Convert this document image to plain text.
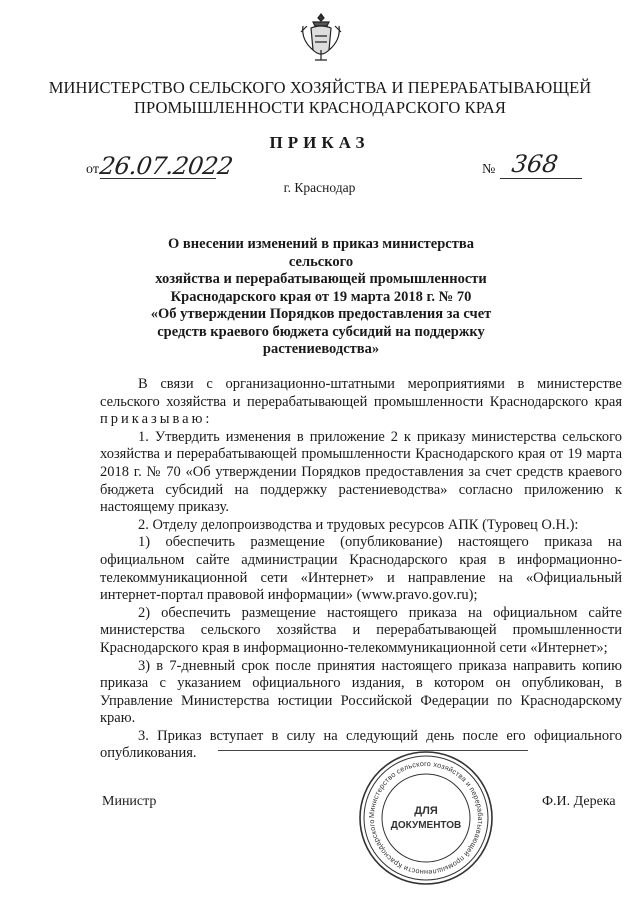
МИНИСТЕРСТВО СЕЛЬСКОГО ХОЗЯЙСТВА И ПЕРЕРАБАТЫВАЮЩЕЙ
ПРОМЫШЛЕННОСТИ КРАСНОДАРСКОГО КРАЯ
ПРИКАЗ
от 26.07.2022	№ 368
г. Краснодар
О внесении изменений в приказ министерства сельского
хозяйства и перерабатывающей промышленности
Краснодарского края от 19 марта 2018 г. № 70
«Об утверждении Порядков предоставления за счет
средств краевого бюджета субсидий на поддержку
растениеводства»

В связи с организационно-штатными мероприятиями в министерстве сельского хозяйства и перерабатывающей промышленности Краснодарского края приказываю:

1. Утвердить изменения в приложение 2 к приказу министерства сельского хозяйства и перерабатывающей промышленности Краснодарского края от 19 марта 2018 г. № 70 «Об утверждении Порядков предоставления за счет средств краевого бюджета субсидий на поддержку растениеводства» согласно приложению к настоящему приказу.

2. Отделу делопроизводства и трудовых ресурсов АПК (Туровец О.Н.):

1) обеспечить размещение (опубликование) настоящего приказа на официальном сайте администрации Краснодарского края в информационно-телекоммуникационной сети «Интернет» и направление на «Официальный интернет-портал правовой информации» (www.pravo.gov.ru);

2) обеспечить размещение настоящего приказа на официальном сайте министерства сельского хозяйства и перерабатывающей промышленности Краснодарского края в информационно-телекоммуникационной сети «Интернет»;

3) в 7-дневный срок после принятия настоящего приказа направить копию приказа с указанием официального издания, в котором он опубликован, в Управление Министерства юстиции Российской Федерации по Краснодарскому краю.

3. Приказ вступает в силу на следующий день после его официального опубликования.

Министерство сельского хозяйства и перерабатывающей промышленности Краснодарского
ДЛЯ
ДОКУМЕНТОВ
Министр	Ф.И. Дерека
